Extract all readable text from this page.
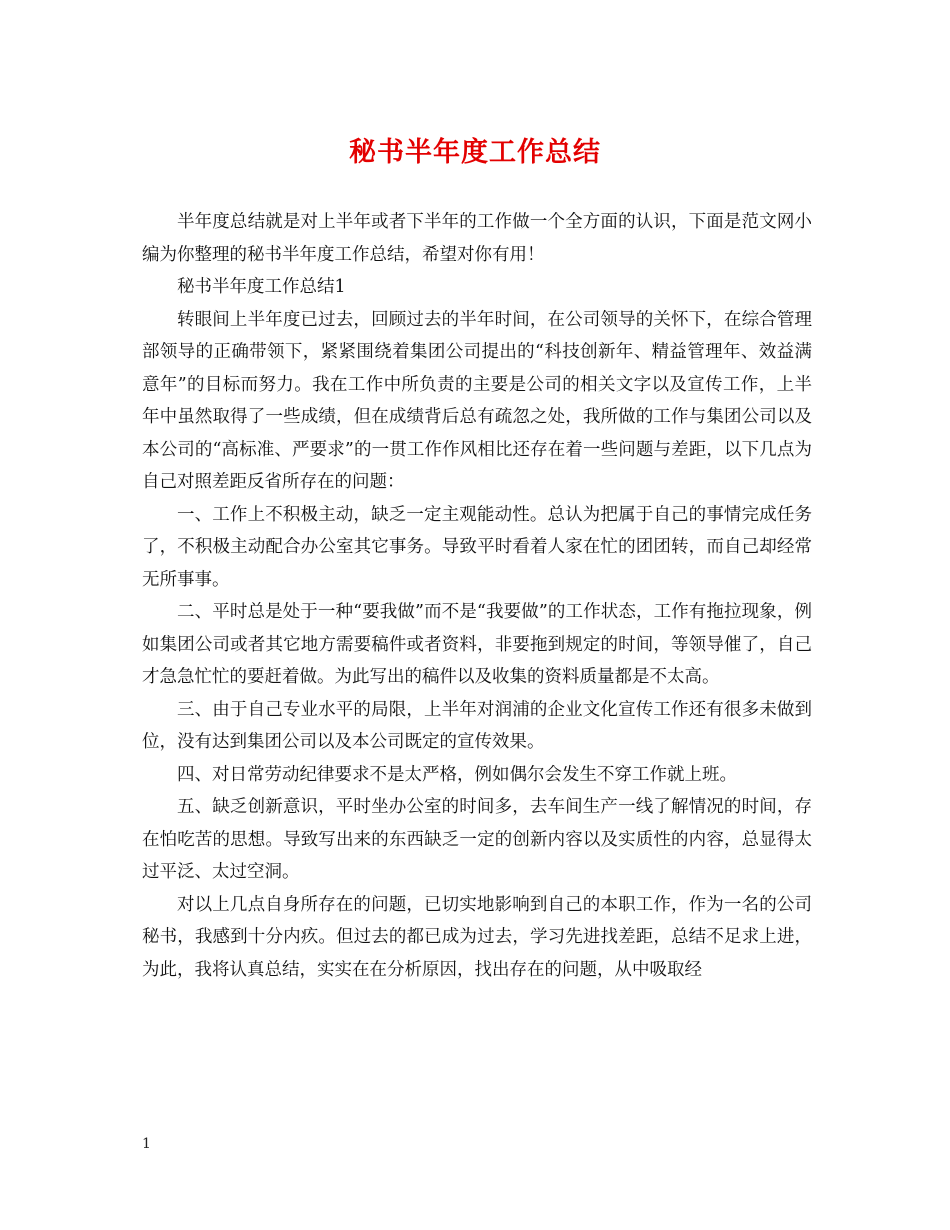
秘书半年度工作总结

半年度总结就是对上半年或者下半年的工作做一个全方面的认识，下面是范文网小编为你整理的秘书半年度工作总结，希望对你有用！

秘书半年度工作总结1

转眼间上半年度已过去，回顾过去的半年时间，在公司领导的关怀下，在综合管理部领导的正确带领下，紧紧围绕着集团公司提出的“科技创新年、精益管理年、效益满意年”的目标而努力。我在工作中所负责的主要是公司的相关文字以及宣传工作，上半年中虽然取得了一些成绩，但在成绩背后总有疏忽之处，我所做的工作与集团公司以及本公司的“高标准、严要求”的一贯工作作风相比还存在着一些问题与差距，以下几点为自己对照差距反省所存在的问题：

一、工作上不积极主动，缺乏一定主观能动性。总认为把属于自己的事情完成任务了，不积极主动配合办公室其它事务。导致平时看着人家在忙的团团转，而自己却经常无所事事。

二、平时总是处于一种“要我做”而不是“我要做”的工作状态，工作有拖拉现象，例如集团公司或者其它地方需要稿件或者资料，非要拖到规定的时间，等领导催了，自己才急急忙忙的要赶着做。为此写出的稿件以及收集的资料质量都是不太高。

三、由于自己专业水平的局限，上半年对润浦的企业文化宣传工作还有很多未做到位，没有达到集团公司以及本公司既定的宣传效果。

四、对日常劳动纪律要求不是太严格，例如偶尔会发生不穿工作就上班。

五、缺乏创新意识，平时坐办公室的时间多，去车间生产一线了解情况的时间，存在怕吃苦的思想。导致写出来的东西缺乏一定的创新内容以及实质性的内容，总显得太过平泛、太过空洞。

对以上几点自身所存在的问题，已切实地影响到自己的本职工作，作为一名的公司秘书，我感到十分内疚。但过去的都已成为过去，学习先进找差距，总结不足求上进，为此，我将认真总结，实实在在分析原因，找出存在的问题，从中吸取经

1
